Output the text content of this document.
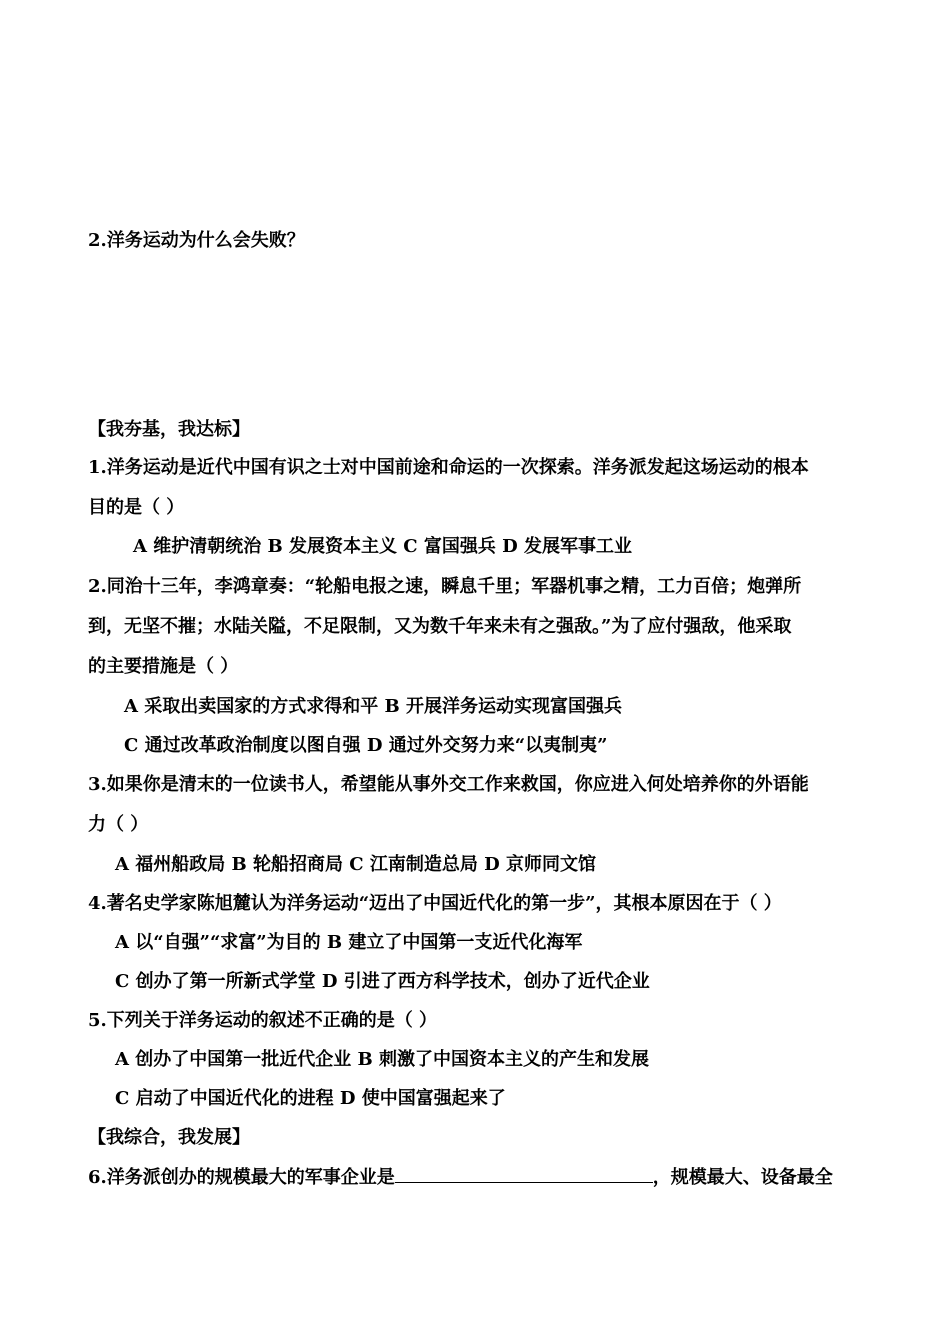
2.洋务运动为什么会失败？
【我夯基，我达标】
1.洋务运动是近代中国有识之士对中国前途和命运的一次探索。洋务派发起这场运动的根本
目的是（ ）
A 维护清朝统治 B 发展资本主义 C 富国强兵 D 发展军事工业
2.同治十三年，李鸿章奏：“轮船电报之速，瞬息千里；军器机事之精，工力百倍；炮弹所
到，无坚不摧；水陆关隘，不足限制，又为数千年来未有之强敌。”为了应付强敌，他采取
的主要措施是（ ）
A 采取出卖国家的方式求得和平 B 开展洋务运动实现富国强兵
C 通过改革政治制度以图自强 D 通过外交努力来“以夷制夷”
3.如果你是清末的一位读书人，希望能从事外交工作来救国，你应进入何处培养你的外语能
力（ ）
A 福州船政局 B 轮船招商局 C 江南制造总局 D 京师同文馆
4.著名史学家陈旭麓认为洋务运动“迈出了中国近代化的第一步”，其根本原因在于（ ）
A 以“自强”“求富”为目的 B 建立了中国第一支近代化海军
C 创办了第一所新式学堂 D 引进了西方科学技术，创办了近代企业
5.下列关于洋务运动的叙述不正确的是（ ）
A 创办了中国第一批近代企业 B 刺激了中国资本主义的产生和发展
C 启动了中国近代化的进程 D 使中国富强起来了
【我综合，我发展】
6.洋务派创办的规模最大的军事企业是	，规模最大、设备最全
